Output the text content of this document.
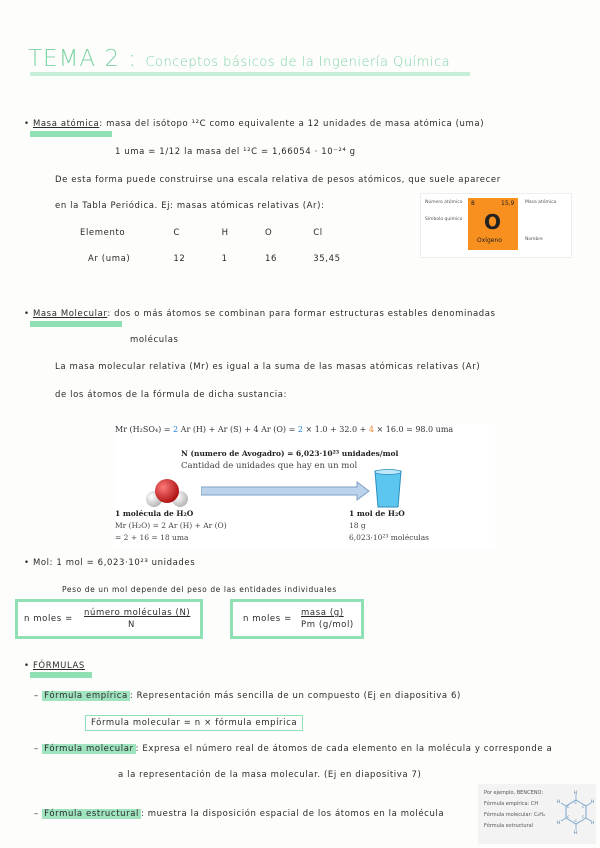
TEMA 2 : Conceptos básicos de la Ingeniería Química
• Masa atómica: masa del isótopo ¹²C como equivalente a 12 unidades de masa atómica (uma)
1 uma = 1/12 la masa del ¹²C = 1,66054 · 10⁻²⁴ g
De esta forma puede construirse una escala relativa de pesos atómicos, que suele aparecer
en la Tabla Periódica. Ej: masas atómicas relativas (Ar):
Elemento	C	H	O	Cl
Ar (uma)	12	1	16	35,45
8	15,9
O
Oxígeno
Número atómico
Símbolo químico
Masa atómica
Nombre
• Masa Molecular: dos o más átomos se combinan para formar estructuras estables denominadas
moléculas
La masa molecular relativa (Mr) es igual a la suma de las masas atómicas relativas (Ar)
de los átomos de la fórmula de dicha sustancia:
Mr (H₂SO₄) = 2 Ar (H) + Ar (S) + 4 Ar (O) = 2 × 1.0 + 32.0 + 4 × 16.0 = 98.0 uma
N (numero de Avogadro) = 6,023·10²³ unidades/mol
Cantidad de unidades que hay en un mol
1 molécula de H₂O
Mr (H₂O) = 2 Ar (H) + Ar (O)
= 2 + 16 = 18 uma
1 mol de H₂O
18 g
6,023·10²³ moléculas
• Mol: 1 mol = 6,023·10²³ unidades
Peso de un mol depende del peso de las entidades individuales
n moles =
número moléculas (N)
N
n moles =
masa (g)
Pm (g/mol)
• FÓRMULAS
– Fórmula empírica : Representación más sencilla de un compuesto (Ej en diapositiva 6)
Fórmula molecular = n × fórmula empírica
– Fórmula molecular : Expresa el número real de átomos de cada elemento en la molécula y corresponde a
a la representación de la masa molecular. (Ej en diapositiva 7)
– Fórmula estructural : muestra la disposición espacial de los átomos en la molécula
Por ejemplo, BENCENO:
Fórmula empírica: CH
Fórmula molecular: C₆H₆
Fórmula estructural
H
H
H
H
H
H	C
C
C
C
C
C
